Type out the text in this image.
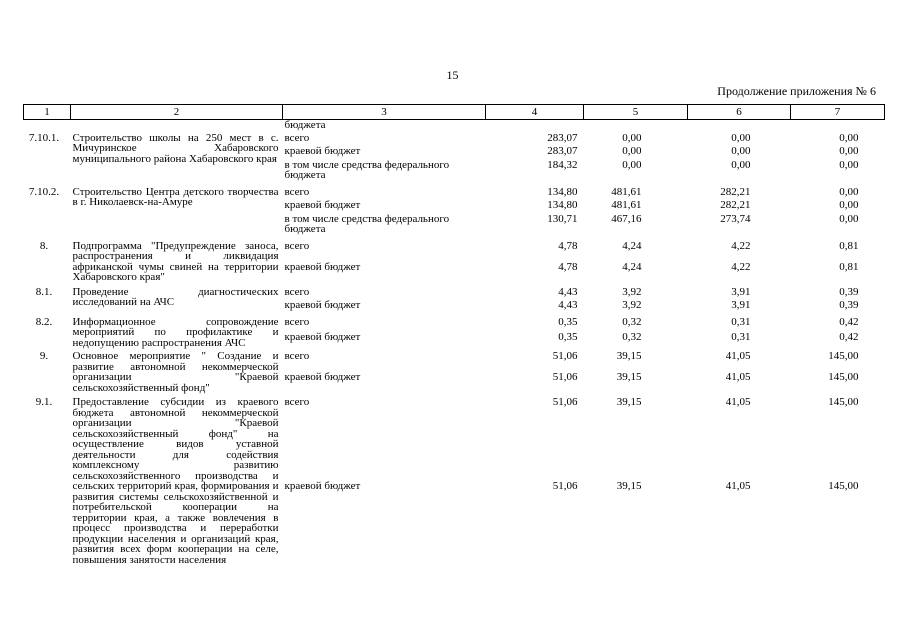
15
Продолжение приложения № 6
1	2	3	4	5	6	7
		бюджета				

7.10.1.	Строительство школы на 250 мест в с. Мичуринское Хабаровского муниципального района Хабаровского края	всего	283,07	0,00	0,00	0,00
		краевой бюджет	283,07	0,00	0,00	0,00
		в том числе средства федерального бюджета	184,32	0,00	0,00	0,00

7.10.2.	Строительство Центра детского творчества в г. Николаевск-на-Амуре	всего	134,80	481,61	282,21	0,00
		краевой бюджет	134,80	481,61	282,21	0,00
		в том числе средства федерального бюджета	130,71	467,16	273,74	0,00

8.	Подпрограмма "Предупреждение заноса, распространения и ликвидация африканской чумы свиней на территории Хабаровского края"	всего	4,78	4,24	4,22	0,81
		краевой бюджет	4,78	4,24	4,22	0,81

8.1.	Проведение диагностических исследований на АЧС	всего	4,43	3,92	3,91	0,39
		краевой бюджет	4,43	3,92	3,91	0,39

8.2.	Информационное сопровождение мероприятий по профилактике и недопущению распространения АЧС	всего	0,35	0,32	0,31	0,42
		краевой бюджет	0,35	0,32	0,31	0,42

9.	Основное мероприятие " Создание и развитие автономной некоммерческой организации "Краевой сельскохозяйственный фонд"	всего	51,06	39,15	41,05	145,00
		краевой бюджет	51,06	39,15	41,05	145,00

9.1.	Предоставление субсидии из краевого бюджета автономной некоммерческой организации "Краевой сельскохозяйственный фонд" на осуществление видов уставной деятельности для содействия комплексному развитию сельскохозяйственного производства и сельских территорий края, формирования и развития системы сельскохозяйственной и потребительской кооперации на территории края, а также вовлечения в процесс производства и переработки продукции населения и организаций края, развития всех форм кооперации на селе, повышения занятости населения	всего	51,06	39,15	41,05	145,00
		краевой бюджет	51,06	39,15	41,05	145,00
